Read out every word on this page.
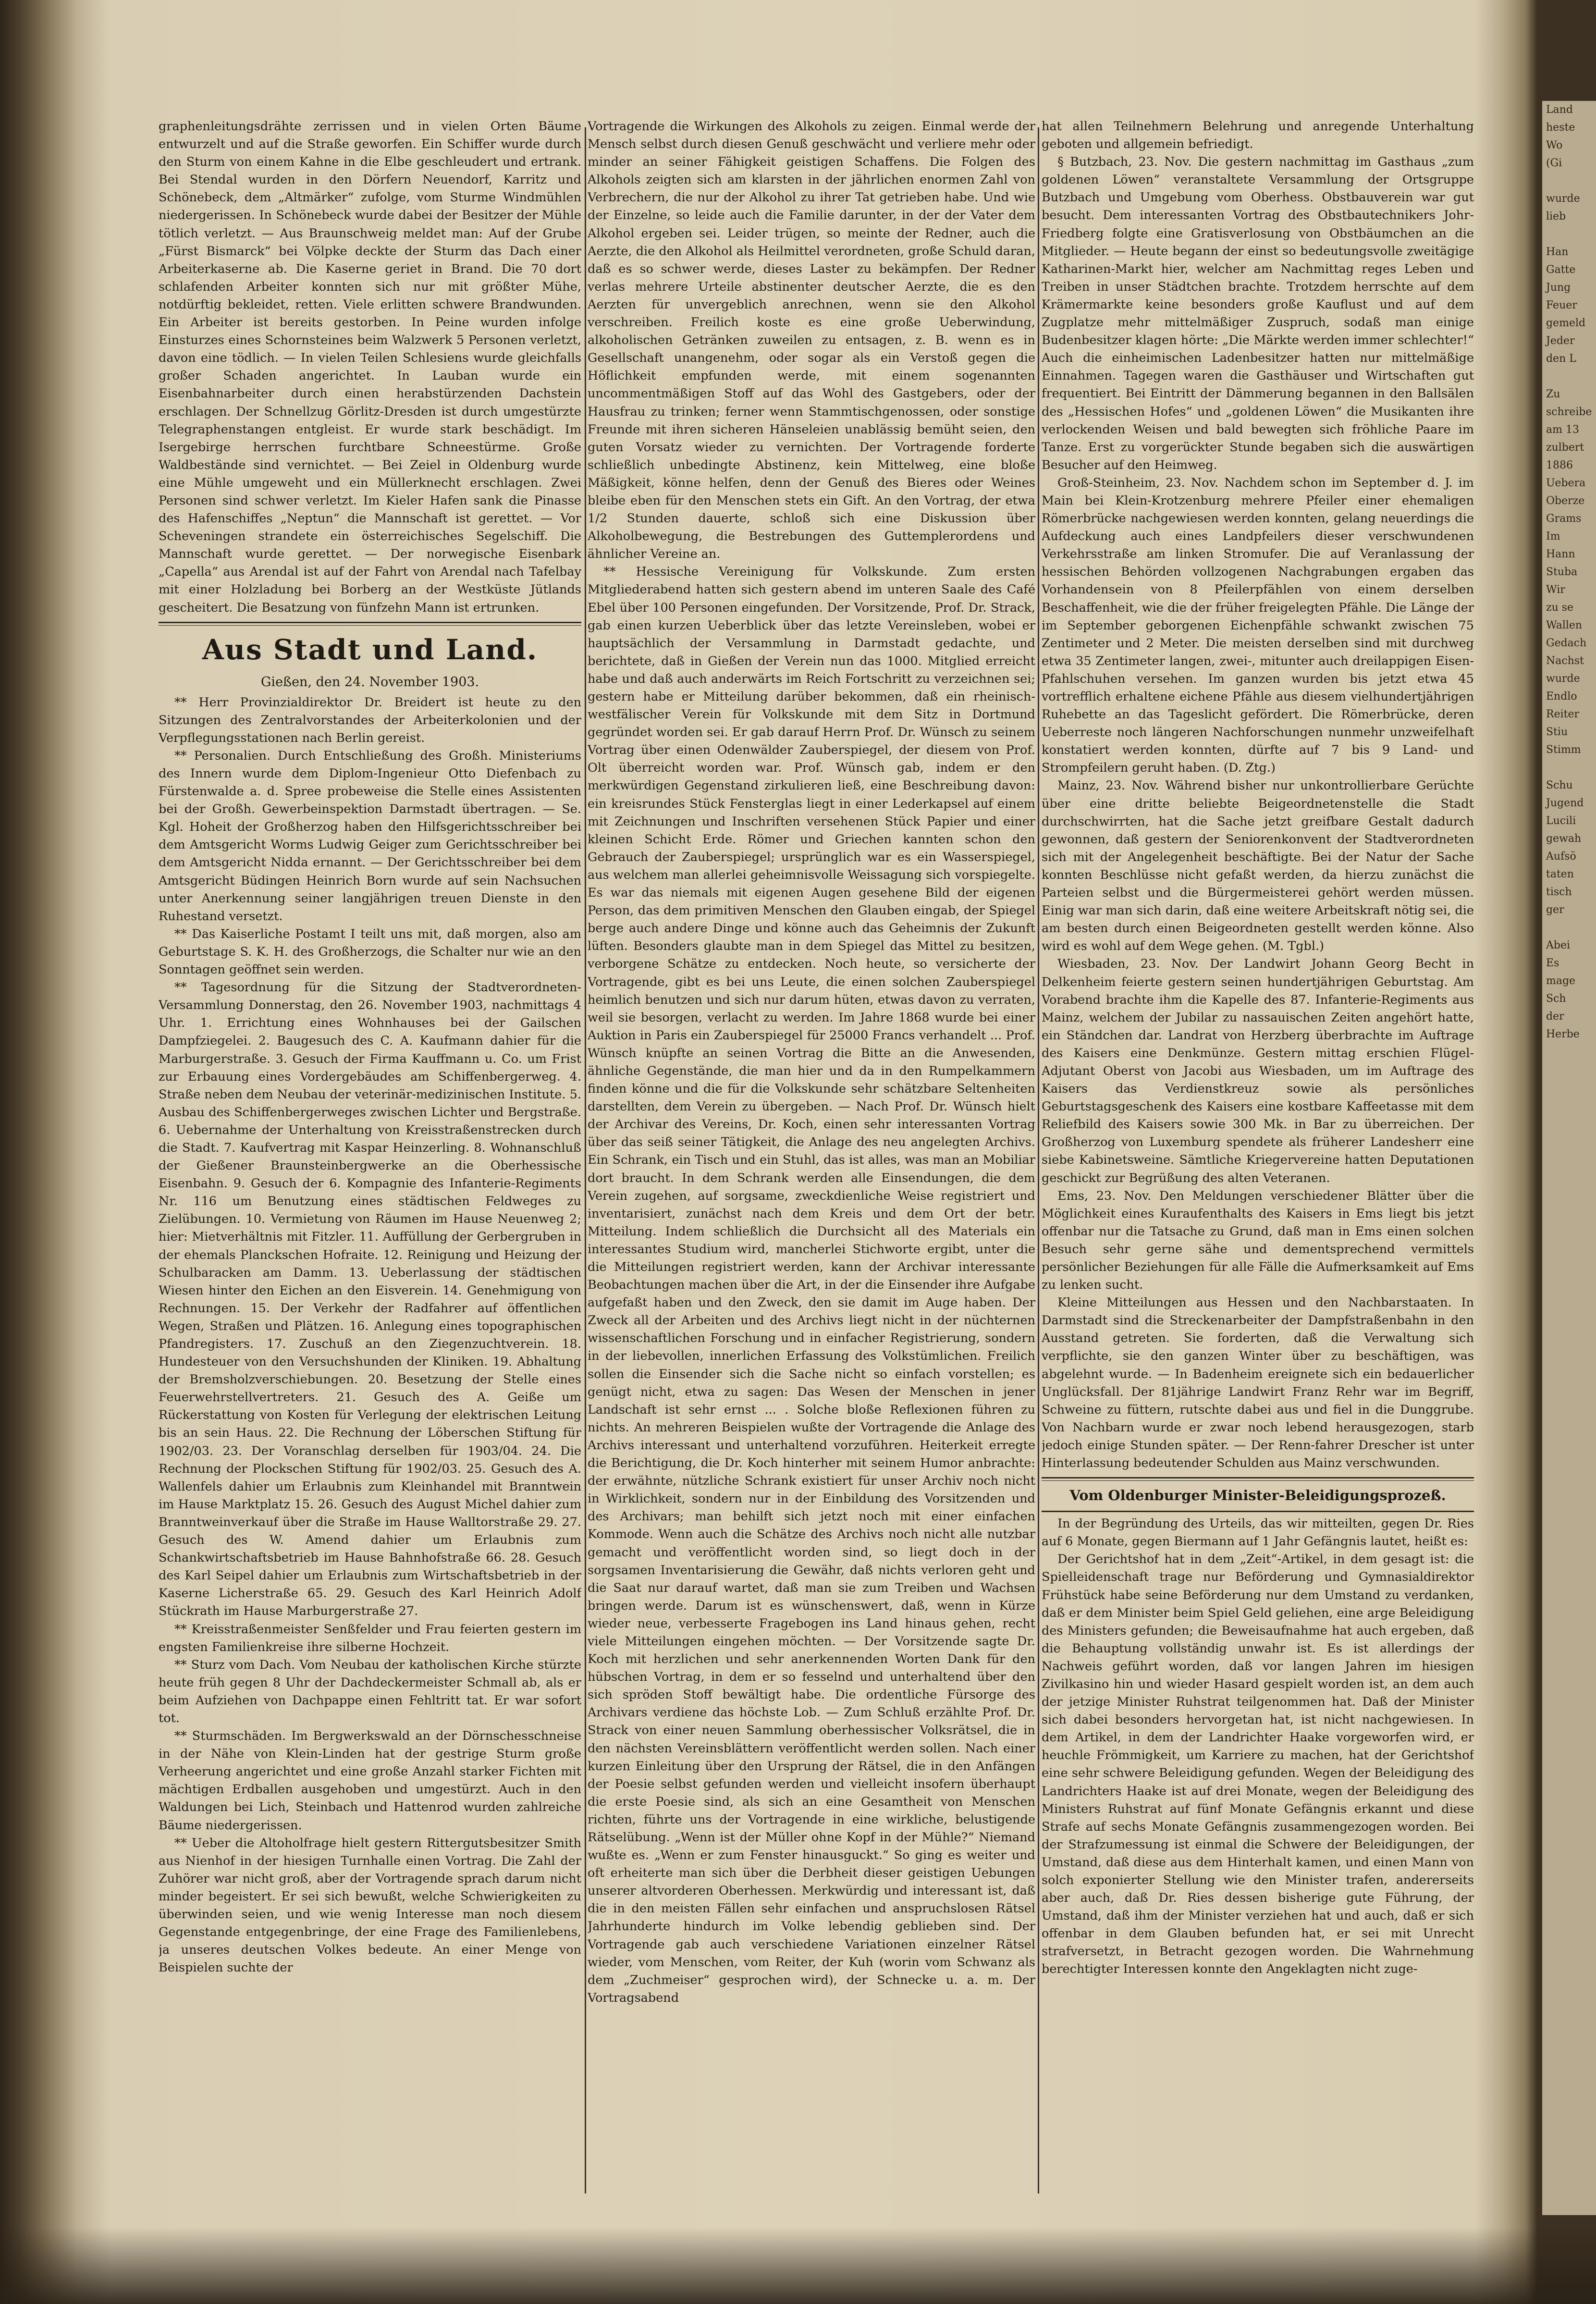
graphenleitungsdrähte zerrissen und in vielen Orten Bäume entwurzelt und auf die Straße geworfen. Ein Schiffer wurde durch den Sturm von einem Kahne in die Elbe geschleudert und ertrank. Bei Stendal wurden in den Dörfern Neuendorf, Karritz und Schönebeck, dem „Altmärker“ zufolge, vom Sturme Windmühlen niedergerissen. In Schönebeck wurde dabei der Besitzer der Mühle tötlich verletzt. — Aus Braunschweig meldet man: Auf der Grube „Fürst Bismarck“ bei Völpke deckte der Sturm das Dach einer Arbeiterkaserne ab. Die Kaserne geriet in Brand. Die 70 dort schlafenden Arbeiter konnten sich nur mit größter Mühe, notdürftig bekleidet, retten. Viele erlitten schwere Brandwunden. Ein Arbeiter ist bereits gestorben. In Peine wurden infolge Einsturzes eines Schornsteines beim Walzwerk 5 Personen verletzt, davon eine tödlich. — In vielen Teilen Schlesiens wurde gleichfalls großer Schaden angerichtet. In Lauban wurde ein Eisenbahnarbeiter durch einen herabstürzenden Dachstein erschlagen. Der Schnellzug Görlitz-Dresden ist durch umgestürzte Telegraphenstangen entgleist. Er wurde stark beschädigt. Im Isergebirge herrschen furchtbare Schneestürme. Große Waldbestände sind vernichtet. — Bei Zeiel in Oldenburg wurde eine Mühle umgeweht und ein Müllerknecht erschlagen. Zwei Personen sind schwer verletzt. Im Kieler Hafen sank die Pinasse des Hafenschiffes „Neptun“ die Mannschaft ist gerettet. — Vor Scheveningen strandete ein österreichisches Segelschiff. Die Mannschaft wurde gerettet. — Der norwegische Eisenbark „Capella“ aus Arendal ist auf der Fahrt von Arendal nach Tafelbay mit einer Holzladung bei Borberg an der Westküste Jütlands gescheitert. Die Besatzung von fünfzehn Mann ist ertrunken.

Aus Stadt und Land.
Gießen, den 24. November 1903.

** Herr Provinzialdirektor Dr. Breidert ist heute zu den Sitzungen des Zentralvorstandes der Arbeiterkolonien und der Verpflegungsstationen nach Berlin gereist.

** Personalien. Durch Entschließung des Großh. Ministeriums des Innern wurde dem Diplom-Ingenieur Otto Diefenbach zu Fürstenwalde a. d. Spree probeweise die Stelle eines Assistenten bei der Großh. Gewerbeinspektion Darmstadt übertragen. — Se. Kgl. Hoheit der Großherzog haben den Hilfsgerichtsschreiber bei dem Amtsgericht Worms Ludwig Geiger zum Gerichtsschreiber bei dem Amtsgericht Nidda ernannt. — Der Gerichtsschreiber bei dem Amtsgericht Büdingen Heinrich Born wurde auf sein Nachsuchen unter Anerkennung seiner langjährigen treuen Dienste in den Ruhestand versetzt.

** Das Kaiserliche Postamt I teilt uns mit, daß morgen, also am Geburtstage S. K. H. des Großherzogs, die Schalter nur wie an den Sonntagen geöffnet sein werden.

** Tagesordnung für die Sitzung der Stadtverordneten-Versammlung Donnerstag, den 26. November 1903, nachmittags 4 Uhr. 1. Errichtung eines Wohnhauses bei der Gailschen Dampfziegelei. 2. Baugesuch des C. A. Kaufmann dahier für die Marburgerstraße. 3. Gesuch der Firma Kauffmann u. Co. um Frist zur Erbauung eines Vordergebäudes am Schiffenbergerweg. 4. Straße neben dem Neubau der veterinär-medizinischen Institute. 5. Ausbau des Schiffenbergerweges zwischen Lichter und Bergstraße. 6. Uebernahme der Unterhaltung von Kreisstraßenstrecken durch die Stadt. 7. Kaufvertrag mit Kaspar Heinzerling. 8. Wohnanschluß der Gießener Braunsteinbergwerke an die Oberhessische Eisenbahn. 9. Gesuch der 6. Kompagnie des Infanterie-Regiments Nr. 116 um Benutzung eines städtischen Feldweges zu Zielübungen. 10. Vermietung von Räumen im Hause Neuenweg 2; hier: Mietverhältnis mit Fitzler. 11. Auffüllung der Gerbergruben in der ehemals Planckschen Hofraite. 12. Reinigung und Heizung der Schulbaracken am Damm. 13. Ueberlassung der städtischen Wiesen hinter den Eichen an den Eisverein. 14. Genehmigung von Rechnungen. 15. Der Verkehr der Radfahrer auf öffentlichen Wegen, Straßen und Plätzen. 16. Anlegung eines topographischen Pfandregisters. 17. Zuschuß an den Ziegenzuchtverein. 18. Hundesteuer von den Versuchshunden der Kliniken. 19. Abhaltung der Bremsholzverschiebungen. 20. Besetzung der Stelle eines Feuerwehrstellvertreters. 21. Gesuch des A. Geiße um Rückerstattung von Kosten für Verlegung der elektrischen Leitung bis an sein Haus. 22. Die Rechnung der Löberschen Stiftung für 1902/03. 23. Der Voranschlag derselben für 1903/04. 24. Die Rechnung der Plockschen Stiftung für 1902/03. 25. Gesuch des A. Wallenfels dahier um Erlaubnis zum Kleinhandel mit Branntwein im Hause Marktplatz 15. 26. Gesuch des August Michel dahier zum Branntweinverkauf über die Straße im Hause Walltorstraße 29. 27. Gesuch des W. Amend dahier um Erlaubnis zum Schankwirtschaftsbetrieb im Hause Bahnhofstraße 66. 28. Gesuch des Karl Seipel dahier um Erlaubnis zum Wirtschaftsbetrieb in der Kaserne Licherstraße 65. 29. Gesuch des Karl Heinrich Adolf Stückrath im Hause Marburgerstraße 27.

** Kreisstraßenmeister Senßfelder und Frau feierten gestern im engsten Familienkreise ihre silberne Hochzeit.

** Sturz vom Dach. Vom Neubau der katholischen Kirche stürzte heute früh gegen 8 Uhr der Dachdeckermeister Schmall ab, als er beim Aufziehen von Dachpappe einen Fehltritt tat. Er war sofort tot.

** Sturmschäden. Im Bergwerkswald an der Dörnschesschneise in der Nähe von Klein-Linden hat der gestrige Sturm große Verheerung angerichtet und eine große Anzahl starker Fichten mit mächtigen Erdballen ausgehoben und umgestürzt. Auch in den Waldungen bei Lich, Steinbach und Hattenrod wurden zahlreiche Bäume niedergerissen.

** Ueber die Altoholfrage hielt gestern Rittergutsbesitzer Smith aus Nienhof in der hiesigen Turnhalle einen Vortrag. Die Zahl der Zuhörer war nicht groß, aber der Vortragende sprach darum nicht minder begeistert. Er sei sich bewußt, welche Schwierigkeiten zu überwinden seien, und wie wenig Interesse man noch diesem Gegenstande entgegenbringe, der eine Frage des Familienlebens, ja unseres deutschen Volkes bedeute. An einer Menge von Beispielen suchte der

Vortragende die Wirkungen des Alkohols zu zeigen. Einmal werde der Mensch selbst durch diesen Genuß geschwächt und verliere mehr oder minder an seiner Fähigkeit geistigen Schaffens. Die Folgen des Alkohols zeigten sich am klarsten in der jährlichen enormen Zahl von Verbrechern, die nur der Alkohol zu ihrer Tat getrieben habe. Und wie der Einzelne, so leide auch die Familie darunter, in der der Vater dem Alkohol ergeben sei. Leider trügen, so meinte der Redner, auch die Aerzte, die den Alkohol als Heilmittel verordneten, große Schuld daran, daß es so schwer werde, dieses Laster zu bekämpfen. Der Redner verlas mehrere Urteile abstinenter deutscher Aerzte, die es den Aerzten für unvergeblich anrechnen, wenn sie den Alkohol verschreiben. Freilich koste es eine große Ueberwindung, alkoholischen Getränken zuweilen zu entsagen, z. B. wenn es in Gesellschaft unangenehm, oder sogar als ein Verstoß gegen die Höflichkeit empfunden werde, mit einem sogenannten uncommentmäßigen Stoff auf das Wohl des Gastgebers, oder der Hausfrau zu trinken; ferner wenn Stammtischgenossen, oder sonstige Freunde mit ihren sicheren Hänseleien unablässig bemüht seien, den guten Vorsatz wieder zu vernichten. Der Vortragende forderte schließlich unbedingte Abstinenz, kein Mittelweg, eine bloße Mäßigkeit, könne helfen, denn der Genuß des Bieres oder Weines bleibe eben für den Menschen stets ein Gift. An den Vortrag, der etwa 1/2 Stunden dauerte, schloß sich eine Diskussion über Alkoholbewegung, die Bestrebungen des Guttemplerordens und ähnlicher Vereine an.

** Hessische Vereinigung für Volkskunde. Zum ersten Mitgliederabend hatten sich gestern abend im unteren Saale des Café Ebel über 100 Personen eingefunden. Der Vorsitzende, Prof. Dr. Strack, gab einen kurzen Ueberblick über das letzte Vereinsleben, wobei er hauptsächlich der Versammlung in Darmstadt gedachte, und berichtete, daß in Gießen der Verein nun das 1000. Mitglied erreicht habe und daß auch anderwärts im Reich Fortschritt zu verzeichnen sei; gestern habe er Mitteilung darüber bekommen, daß ein rheinisch-westfälischer Verein für Volkskunde mit dem Sitz in Dortmund gegründet worden sei. Er gab darauf Herrn Prof. Dr. Wünsch zu seinem Vortrag über einen Odenwälder Zauberspiegel, der diesem von Prof. Olt überreicht worden war. Prof. Wünsch gab, indem er den merkwürdigen Gegenstand zirkulieren ließ, eine Beschreibung davon: ein kreisrundes Stück Fensterglas liegt in einer Lederkapsel auf einem mit Zeichnungen und Inschriften versehenen Stück Papier und einer kleinen Schicht Erde. Römer und Griechen kannten schon den Gebrauch der Zauberspiegel; ursprünglich war es ein Wasserspiegel, aus welchem man allerlei geheimnisvolle Weissagung sich vorspiegelte. Es war das niemals mit eigenen Augen gesehene Bild der eigenen Person, das dem primitiven Menschen den Glauben eingab, der Spiegel berge auch andere Dinge und könne auch das Geheimnis der Zukunft lüften. Besonders glaubte man in dem Spiegel das Mittel zu besitzen, verborgene Schätze zu entdecken. Noch heute, so versicherte der Vortragende, gibt es bei uns Leute, die einen solchen Zauberspiegel heimlich benutzen und sich nur darum hüten, etwas davon zu verraten, weil sie besorgen, verlacht zu werden. Im Jahre 1868 wurde bei einer Auktion in Paris ein Zauberspiegel für 25000 Francs verhandelt ... Prof. Wünsch knüpfte an seinen Vortrag die Bitte an die Anwesenden, ähnliche Gegenstände, die man hier und da in den Rumpelkammern finden könne und die für die Volkskunde sehr schätzbare Seltenheiten darstellten, dem Verein zu übergeben. — Nach Prof. Dr. Wünsch hielt der Archivar des Vereins, Dr. Koch, einen sehr interessanten Vortrag über das seiß seiner Tätigkeit, die Anlage des neu angelegten Archivs. Ein Schrank, ein Tisch und ein Stuhl, das ist alles, was man an Mobiliar dort braucht. In dem Schrank werden alle Einsendungen, die dem Verein zugehen, auf sorgsame, zweckdienliche Weise registriert und inventarisiert, zunächst nach dem Kreis und dem Ort der betr. Mitteilung. Indem schließlich die Durchsicht all des Materials ein interessantes Studium wird, mancherlei Stichworte ergibt, unter die die Mitteilungen registriert werden, kann der Archivar interessante Beobachtungen machen über die Art, in der die Einsender ihre Aufgabe aufgefaßt haben und den Zweck, den sie damit im Auge haben. Der Zweck all der Arbeiten und des Archivs liegt nicht in der nüchternen wissenschaftlichen Forschung und in einfacher Registrierung, sondern in der liebevollen, innerlichen Erfassung des Volkstümlichen. Freilich sollen die Einsender sich die Sache nicht so einfach vorstellen; es genügt nicht, etwa zu sagen: Das Wesen der Menschen in jener Landschaft ist sehr ernst ... . Solche bloße Reflexionen führen zu nichts. An mehreren Beispielen wußte der Vortragende die Anlage des Archivs interessant und unterhaltend vorzuführen. Heiterkeit erregte die Berichtigung, die Dr. Koch hinterher mit seinem Humor anbrachte: der erwähnte, nützliche Schrank existiert für unser Archiv noch nicht in Wirklichkeit, sondern nur in der Einbildung des Vorsitzenden und des Archivars; man behilft sich jetzt noch mit einer einfachen Kommode. Wenn auch die Schätze des Archivs noch nicht alle nutzbar gemacht und veröffentlicht worden sind, so liegt doch in der sorgsamen Inventarisierung die Gewähr, daß nichts verloren geht und die Saat nur darauf wartet, daß man sie zum Treiben und Wachsen bringen werde. Darum ist es wünschenswert, daß, wenn in Kürze wieder neue, verbesserte Fragebogen ins Land hinaus gehen, recht viele Mitteilungen eingehen möchten. — Der Vorsitzende sagte Dr. Koch mit herzlichen und sehr anerkennenden Worten Dank für den hübschen Vortrag, in dem er so fesselnd und unterhaltend über den sich spröden Stoff bewältigt habe. Die ordentliche Fürsorge des Archivars verdiene das höchste Lob. — Zum Schluß erzählte Prof. Dr. Strack von einer neuen Sammlung oberhessischer Volksrätsel, die in den nächsten Vereinsblättern veröffentlicht werden sollen. Nach einer kurzen Einleitung über den Ursprung der Rätsel, die in den Anfängen der Poesie selbst gefunden werden und vielleicht insofern überhaupt die erste Poesie sind, als sich an eine Gesamtheit von Menschen richten, führte uns der Vortragende in eine wirkliche, belustigende Rätselübung. „Wenn ist der Müller ohne Kopf in der Mühle?“ Niemand wußte es. „Wenn er zum Fenster hinausguckt.“ So ging es weiter und oft erheiterte man sich über die Derbheit dieser geistigen Uebungen unserer altvorderen Oberhessen. Merkwürdig und interessant ist, daß die in den meisten Fällen sehr einfachen und anspruchslosen Rätsel Jahrhunderte hindurch im Volke lebendig geblieben sind. Der Vortragende gab auch verschiedene Variationen einzelner Rätsel wieder, vom Menschen, vom Reiter, der Kuh (worin vom Schwanz als dem „Zuchmeiser“ gesprochen wird), der Schnecke u. a. m. Der Vortragsabend

hat allen Teilnehmern Belehrung und anregende Unterhaltung geboten und allgemein befriedigt.

§ Butzbach, 23. Nov. Die gestern nachmittag im Gasthaus „zum goldenen Löwen“ veranstaltete Versammlung der Ortsgruppe Butzbach und Umgebung vom Oberhess. Obstbauverein war gut besucht. Dem interessanten Vortrag des Obstbautechnikers Johr-Friedberg folgte eine Gratisverlosung von Obstbäumchen an die Mitglieder. — Heute begann der einst so bedeutungsvolle zweitägige Katharinen-Markt hier, welcher am Nachmittag reges Leben und Treiben in unser Städtchen brachte. Trotzdem herrschte auf dem Krämermarkte keine besonders große Kauflust und auf dem Zugplatze mehr mittelmäßiger Zuspruch, sodaß man einige Budenbesitzer klagen hörte: „Die Märkte werden immer schlechter!“ Auch die einheimischen Ladenbesitzer hatten nur mittelmäßige Einnahmen. Tagegen waren die Gasthäuser und Wirtschaften gut frequentiert. Bei Eintritt der Dämmerung begannen in den Ballsälen des „Hessischen Hofes“ und „goldenen Löwen“ die Musikanten ihre verlockenden Weisen und bald bewegten sich fröhliche Paare im Tanze. Erst zu vorgerückter Stunde begaben sich die auswärtigen Besucher auf den Heimweg.

Groß-Steinheim, 23. Nov. Nachdem schon im September d. J. im Main bei Klein-Krotzenburg mehrere Pfeiler einer ehemaligen Römerbrücke nachgewiesen werden konnten, gelang neuerdings die Aufdeckung auch eines Landpfeilers dieser verschwundenen Verkehrsstraße am linken Stromufer. Die auf Veranlassung der hessischen Behörden vollzogenen Nachgrabungen ergaben das Vorhandensein von 8 Pfeilerpfählen von einem derselben Beschaffenheit, wie die der früher freigelegten Pfähle. Die Länge der im September geborgenen Eichenpfähle schwankt zwischen 75 Zentimeter und 2 Meter. Die meisten derselben sind mit durchweg etwa 35 Zentimeter langen, zwei-, mitunter auch dreilappigen Eisen-Pfahlschuhen versehen. Im ganzen wurden bis jetzt etwa 45 vortrefflich erhaltene eichene Pfähle aus diesem vielhundertjährigen Ruhebette an das Tageslicht gefördert. Die Römerbrücke, deren Ueberreste noch längeren Nachforschungen nunmehr unzweifelhaft konstatiert werden konnten, dürfte auf 7 bis 9 Land- und Strompfeilern geruht haben. (D. Ztg.)

Mainz, 23. Nov. Während bisher nur unkontrollierbare Gerüchte über eine dritte beliebte Beigeordnetenstelle die Stadt durchschwirrten, hat die Sache jetzt greifbare Gestalt dadurch gewonnen, daß gestern der Seniorenkonvent der Stadtverordneten sich mit der Angelegenheit beschäftigte. Bei der Natur der Sache konnten Beschlüsse nicht gefaßt werden, da hierzu zunächst die Parteien selbst und die Bürgermeisterei gehört werden müssen. Einig war man sich darin, daß eine weitere Arbeitskraft nötig sei, die am besten durch einen Beigeordneten gestellt werden könne. Also wird es wohl auf dem Wege gehen. (M. Tgbl.)

Wiesbaden, 23. Nov. Der Landwirt Johann Georg Becht in Delkenheim feierte gestern seinen hundertjährigen Geburtstag. Am Vorabend brachte ihm die Kapelle des 87. Infanterie-Regiments aus Mainz, welchem der Jubilar zu nassauischen Zeiten angehört hatte, ein Ständchen dar. Landrat von Herzberg überbrachte im Auftrage des Kaisers eine Denkmünze. Gestern mittag erschien Flügel-Adjutant Oberst von Jacobi aus Wiesbaden, um im Auftrage des Kaisers das Verdienstkreuz sowie als persönliches Geburtstagsgeschenk des Kaisers eine kostbare Kaffeetasse mit dem Reliefbild des Kaisers sowie 300 Mk. in Bar zu überreichen. Der Großherzog von Luxemburg spendete als früherer Landesherr eine siebe Kabinetsweine. Sämtliche Kriegervereine hatten Deputationen geschickt zur Begrüßung des alten Veteranen.

Ems, 23. Nov. Den Meldungen verschiedener Blätter über die Möglichkeit eines Kuraufenthalts des Kaisers in Ems liegt bis jetzt offenbar nur die Tatsache zu Grund, daß man in Ems einen solchen Besuch sehr gerne sähe und dementsprechend vermittels persönlicher Beziehungen für alle Fälle die Aufmerksamkeit auf Ems zu lenken sucht.

Kleine Mitteilungen aus Hessen und den Nachbarstaaten. In Darmstadt sind die Streckenarbeiter der Dampfstraßenbahn in den Ausstand getreten. Sie forderten, daß die Verwaltung sich verpflichte, sie den ganzen Winter über zu beschäftigen, was abgelehnt wurde. — In Badenheim ereignete sich ein bedauerlicher Unglücksfall. Der 81jährige Landwirt Franz Rehr war im Begriff, Schweine zu füttern, rutschte dabei aus und fiel in die Dunggrube. Von Nachbarn wurde er zwar noch lebend herausgezogen, starb jedoch einige Stunden später. — Der Renn-fahrer Drescher ist unter Hinterlassung bedeutender Schulden aus Mainz verschwunden.

Vom Oldenburger Minister-Beleidigungsprozeß.

In der Begründung des Urteils, das wir mitteilten, gegen Dr. Ries auf 6 Monate, gegen Biermann auf 1 Jahr Gefängnis lautet, heißt es:

Der Gerichtshof hat in dem „Zeit“-Artikel, in dem gesagt ist: die Spielleidenschaft trage nur Beförderung und Gymnasialdirektor Frühstück habe seine Beförderung nur dem Umstand zu verdanken, daß er dem Minister beim Spiel Geld geliehen, eine arge Beleidigung des Ministers gefunden; die Beweisaufnahme hat auch ergeben, daß die Behauptung vollständig unwahr ist. Es ist allerdings der Nachweis geführt worden, daß vor langen Jahren im hiesigen Zivilkasino hin und wieder Hasard gespielt worden ist, an dem auch der jetzige Minister Ruhstrat teilgenommen hat. Daß der Minister sich dabei besonders hervorgetan hat, ist nicht nachgewiesen. In dem Artikel, in dem der Landrichter Haake vorgeworfen wird, er heuchle Frömmigkeit, um Karriere zu machen, hat der Gerichtshof eine sehr schwere Beleidigung gefunden. Wegen der Beleidigung des Landrichters Haake ist auf drei Monate, wegen der Beleidigung des Ministers Ruhstrat auf fünf Monate Gefängnis erkannt und diese Strafe auf sechs Monate Gefängnis zusammengezogen worden. Bei der Strafzumessung ist einmal die Schwere der Beleidigungen, der Umstand, daß diese aus dem Hinterhalt kamen, und einen Mann von solch exponierter Stellung wie den Minister trafen, andererseits aber auch, daß Dr. Ries dessen bisherige gute Führung, der Umstand, daß ihm der Minister verziehen hat und auch, daß er sich offenbar in dem Glauben befunden hat, er sei mit Unrecht strafversetzt, in Betracht gezogen worden. Die Wahrnehmung berechtigter Interessen konnte den Angeklagten nicht zuge-

Land
heste
Wo
(Gi

wurde
lieb

Han
Gatte
Jung
Feuer
gemeld
Jeder
den L

Zu
schreibe
am 13
zulbert
1886
Uebera
Oberze
Grams
Im
Hann
Stuba
Wir
zu se
Wallen
Gedach
Nachst
wurde
Endlo
Reiter
Stiu
Stimm

Schu
Jugend
Lucili
gewah
Aufsö
taten
tisch
ger

Abei
Es
mage
Sch
der
Herbe
